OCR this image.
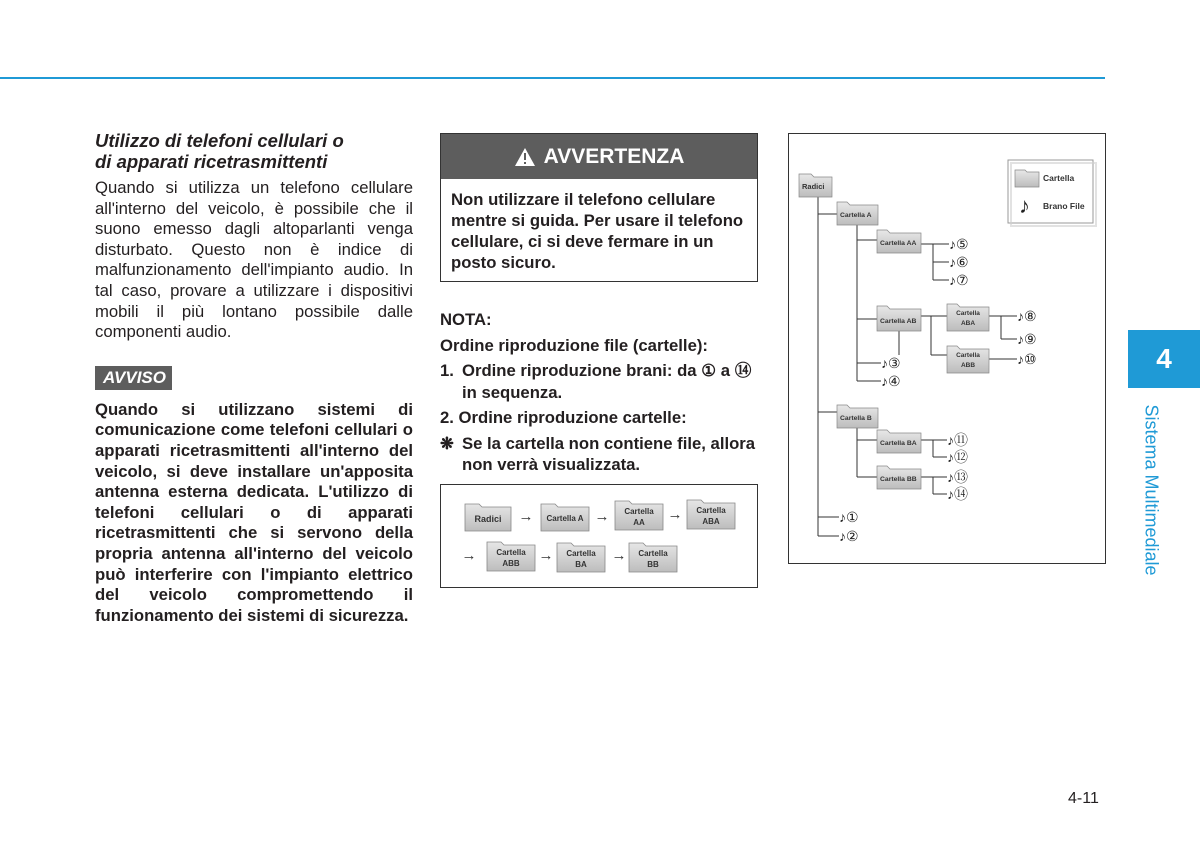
Utilizzo di telefoni cellulari o
di apparati ricetrasmittenti

Quando si utilizza un telefono cellulare all'interno del veicolo, è possibile che il suono emesso dagli altoparlanti venga disturbato. Questo non è indice di malfunzionamento dell'impianto audio. In tal caso, provare a utilizzare i dispositivi mobili il più lontano possibile dalle componenti audio.

AVVISO

Quando si utilizzano sistemi di comunicazione come telefoni cellulari o apparati ricetrasmittenti all'interno del veicolo, si deve installare un'apposita antenna esterna dedicata. L'utilizzo di telefoni cellulari o di apparati ricetrasmittenti che si servono della propria antenna all'interno del veicolo può interferire con l'impianto elettrico del veicolo compromettendo il funzionamento dei sistemi di sicurezza.

AVVERTENZA
Non utilizzare il telefono cellulare mentre si guida. Per usare il telefono cellulare, ci si deve fermare in un posto sicuro.

NOTA:

Ordine riproduzione file (cartelle):

1. Ordine riproduzione brani: da ① a ⑭ in sequenza.

2. Ordine riproduzione cartelle:

❋ Se la cartella non contiene file, allora non verrà visualizzata.

Radici → Cartella A → Cartella
AA → Cartella
ABA
→ Cartella
ABB → Cartella
BA
→ Cartella
BB
Cartella
♪ Brano File
Radici
Cartella A
Cartella AA
Cartella AB
Cartella
ABA
Cartella
ABB
Cartella B
Cartella BA
Cartella BB
♪⑤
♪⑥
♪⑦
♪⑧
♪⑨
♪⑩
♪③
♪④
♪⑪
♪⑫
♪⑬
♪⑭
♪①
♪②
4
Sistema Multimediale
4-11
